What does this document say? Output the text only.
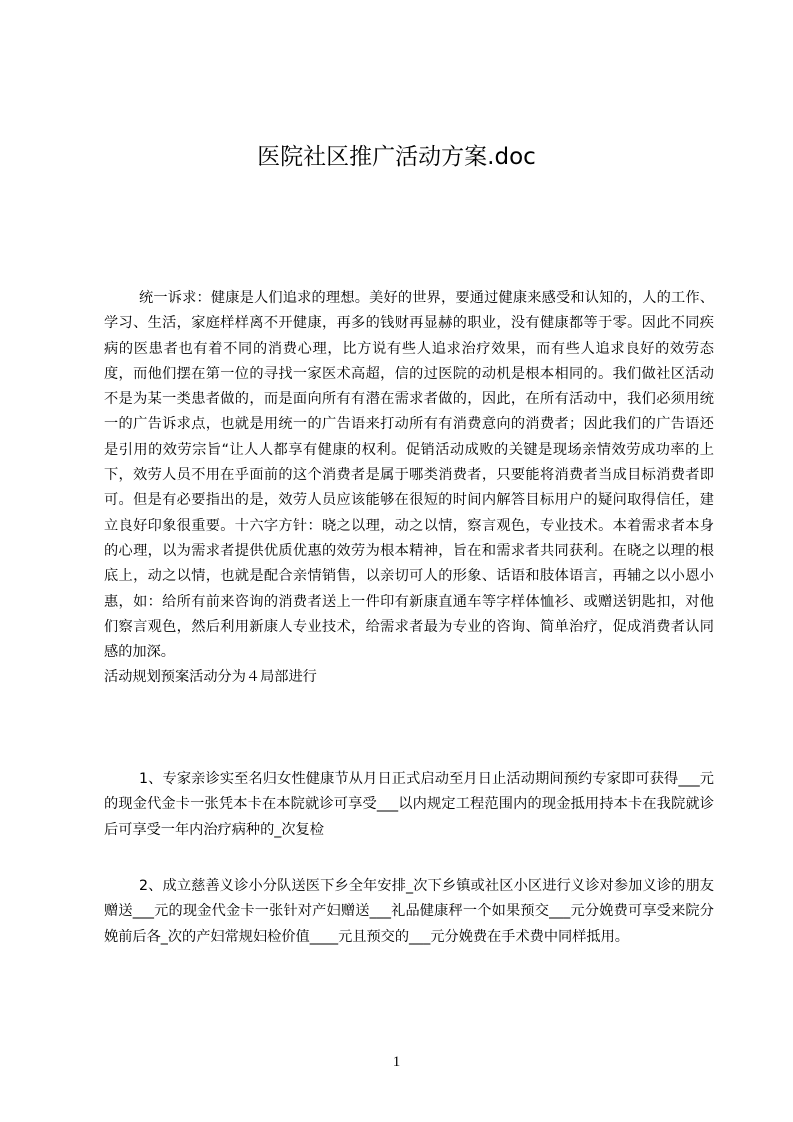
医院社区推广活动方案.doc

统一诉求：健康是人们追求的理想。美好的世界，要通过健康来感受和认知的，人的工作、学习、生活，家庭样样离不开健康，再多的钱财再显赫的职业，没有健康都等于零。因此不同疾病的医患者也有着不同的消费心理，比方说有些人追求治疗效果，而有些人追求良好的效劳态度，而他们摆在第一位的寻找一家医术高超，信的过医院的动机是根本相同的。我们做社区活动不是为某一类患者做的，而是面向所有有潜在需求者做的，因此，在所有活动中，我们必须用统一的广告诉求点，也就是用统一的广告语来打动所有有消费意向的消费者；因此我们的广告语还是引用的效劳宗旨“让人人都享有健康的权利。促销活动成败的关键是现场亲情效劳成功率的上下，效劳人员不用在乎面前的这个消费者是属于哪类消费者，只要能将消费者当成目标消费者即可。但是有必要指出的是，效劳人员应该能够在很短的时间内解答目标用户的疑问取得信任，建立良好印象很重要。十六字方针：晓之以理，动之以情，察言观色，专业技术。本着需求者本身的心理，以为需求者提供优质优惠的效劳为根本精神，旨在和需求者共同获利。在晓之以理的根底上，动之以情，也就是配合亲情销售，以亲切可人的形象、话语和肢体语言，再辅之以小恩小惠，如：给所有前来咨询的消费者送上一件印有新康直通车等字样体恤衫、或赠送钥匙扣，对他们察言观色，然后利用新康人专业技术，给需求者最为专业的咨询、简单治疗，促成消费者认同感的加深。

活动规划预案活动分为４局部进行

1、专家亲诊实至名归女性健康节从月日正式启动至月日止活动期间预约专家即可获得___元的现金代金卡一张凭本卡在本院就诊可享受___以内规定工程范围内的现金抵用持本卡在我院就诊后可享受一年内治疗病种的_次复检

2、成立慈善义诊小分队送医下乡全年安排_次下乡镇或社区小区进行义诊对参加义诊的朋友赠送___元的现金代金卡一张针对产妇赠送___礼品健康秤一个如果预交___元分娩费可享受来院分娩前后各_次的产妇常规妇检价值____元且预交的___元分娩费在手术费中同样抵用。

1
